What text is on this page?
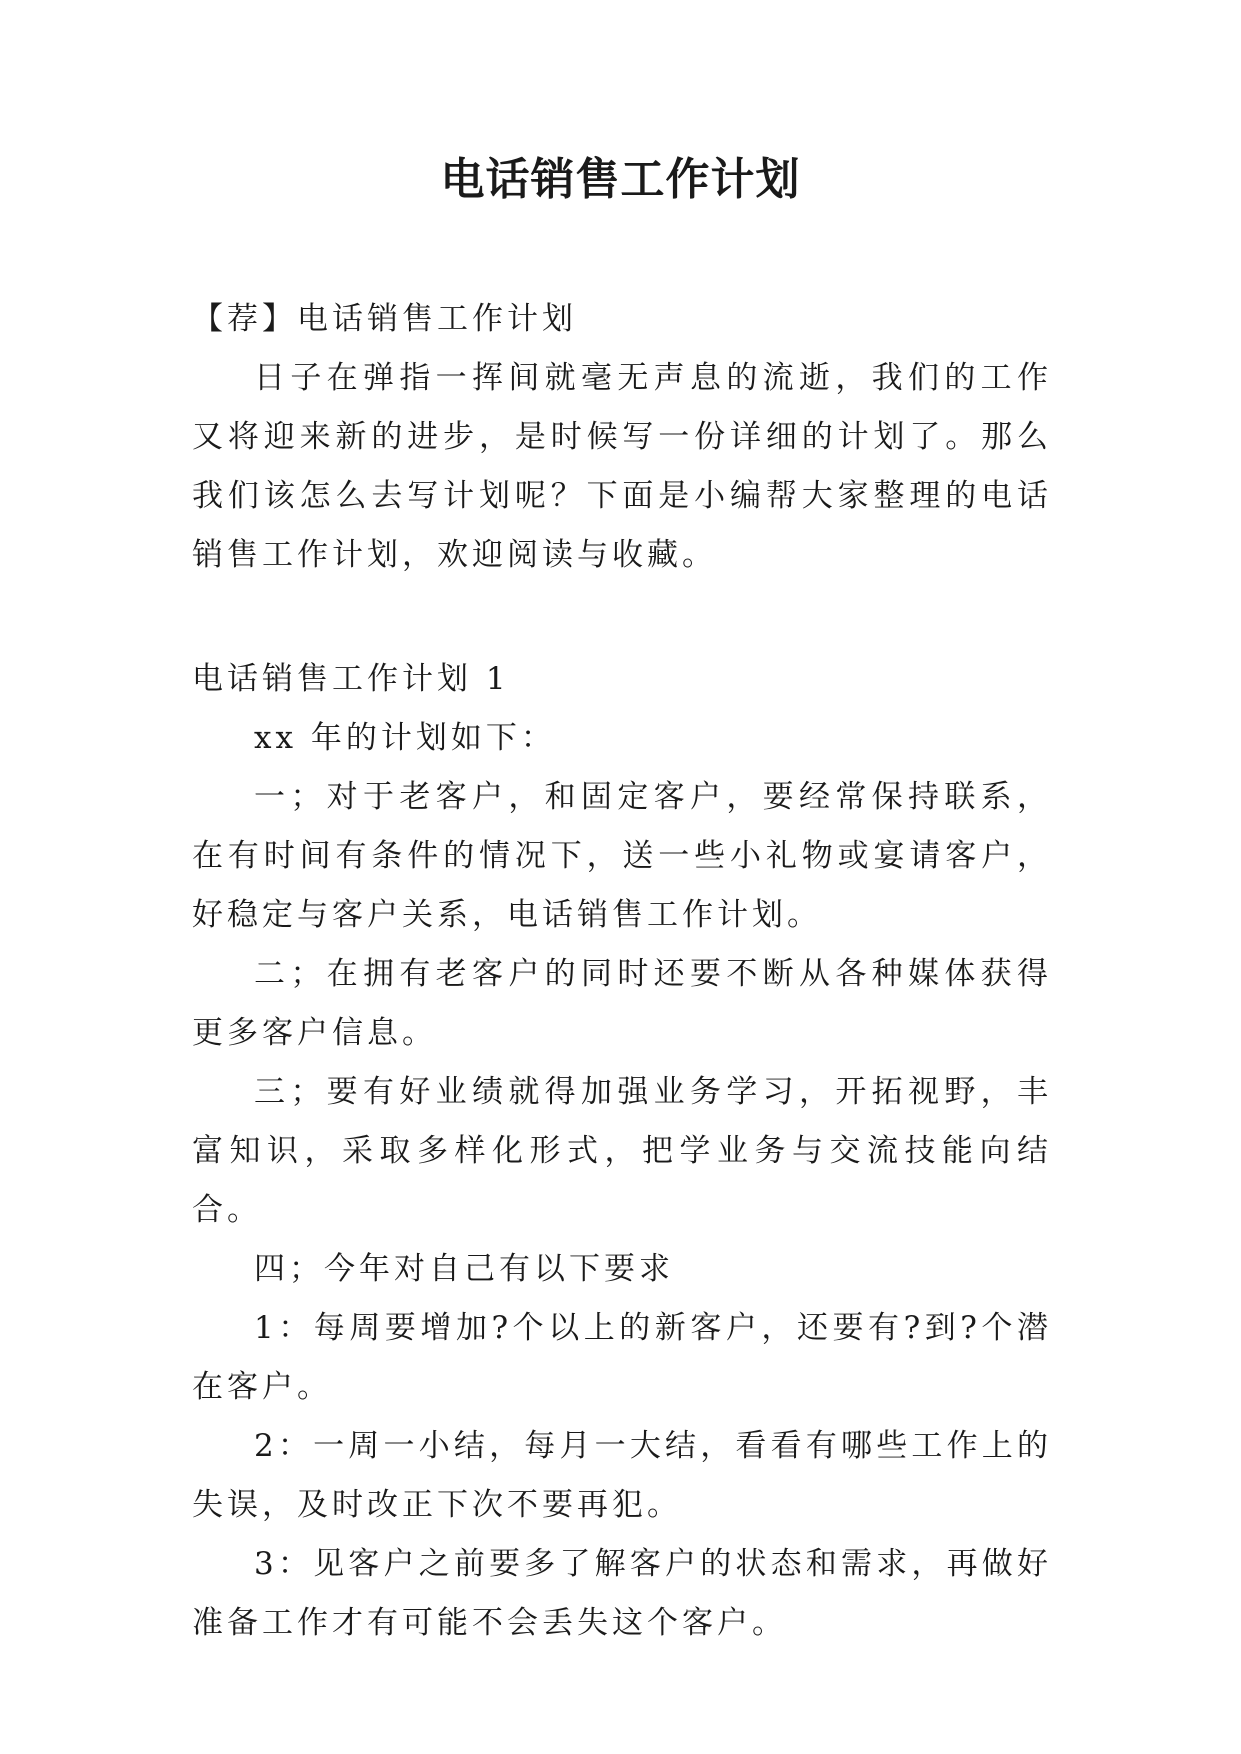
电话销售工作计划

【荐】电话销售工作计划

日子在弹指一挥间就毫无声息的流逝，我们的工作又将迎来新的进步，是时候写一份详细的计划了。那么我们该怎么去写计划呢？下面是小编帮大家整理的电话销售工作计划，欢迎阅读与收藏。

电话销售工作计划 1

xx 年的计划如下：

一；对于老客户，和固定客户，要经常保持联系，在有时间有条件的情况下，送一些小礼物或宴请客户，好稳定与客户关系，电话销售工作计划。

二；在拥有老客户的同时还要不断从各种媒体获得更多客户信息。

三；要有好业绩就得加强业务学习，开拓视野，丰富知识，采取多样化形式，把学业务与交流技能向结合。

四；今年对自己有以下要求

1：每周要增加?个以上的新客户，还要有?到?个潜在客户。

2：一周一小结，每月一大结，看看有哪些工作上的失误，及时改正下次不要再犯。

3：见客户之前要多了解客户的状态和需求，再做好准备工作才有可能不会丢失这个客户。
